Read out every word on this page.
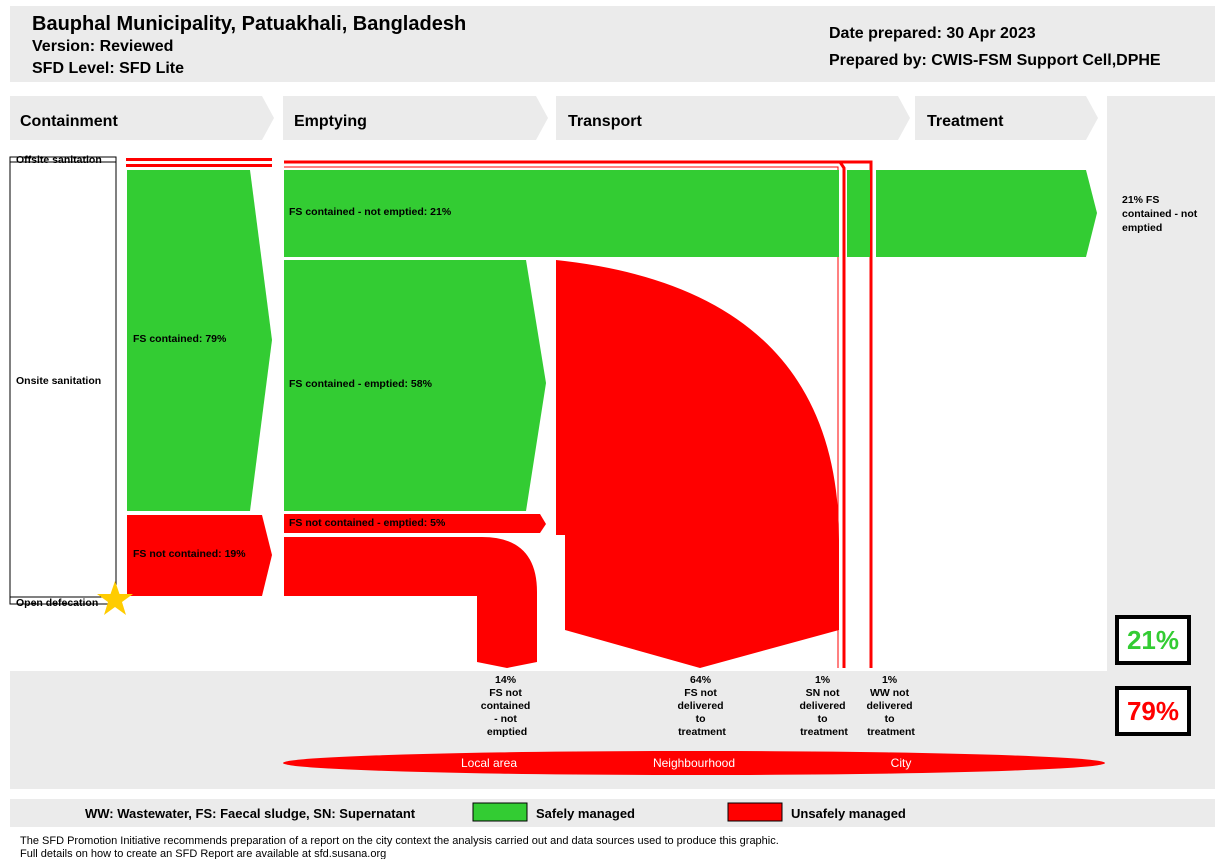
Bauphal Municipality, Patuakhali, Bangladesh
Version: Reviewed
SFD Level: SFD Lite
Date prepared: 30 Apr 2023
Prepared by: CWIS-FSM Support Cell,DPHE
Containment	Emptying	Transport	Treatment
Offsite sanitation
Onsite sanitation
Open defecation
FS contained: 79%
FS not contained: 19%
FS contained - not emptied: 21%
FS contained - emptied: 58%
FS not contained - emptied: 5%
21% FS contained - not emptied
14% FS not contained - not emptied
64% FS not delivered to treatment
1% SN not delivered to treatment
1% WW not delivered to treatment
Local area	Neighbourhood	City
WW: Wastewater, FS: Faecal sludge, SN: Supernatant	Safely managed	Unsafely managed
The SFD Promotion Initiative recommends preparation of a report on the city context the analysis carried out and data sources used to produce this graphic.
Full details on how to create an SFD Report are available at sfd.susana.org
21%
79%
